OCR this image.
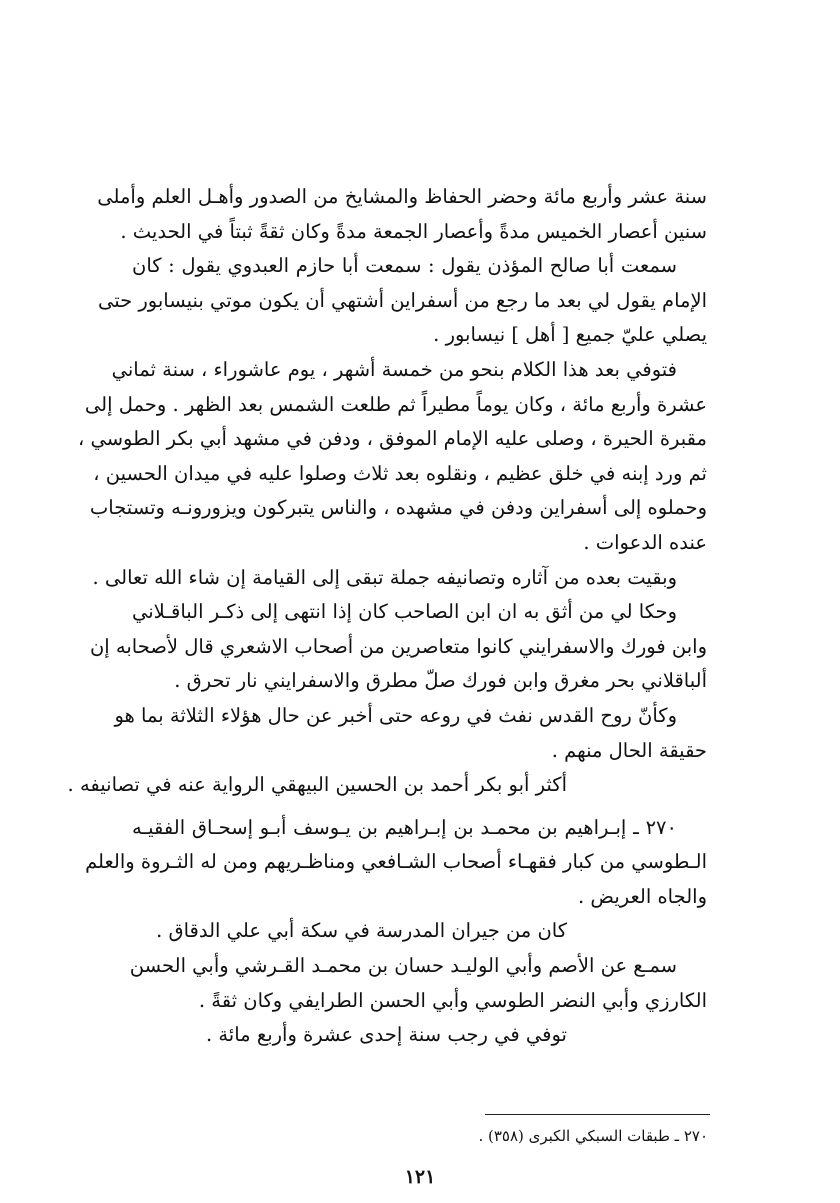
سنة عشر وأربع مائة وحضر الحفاظ والمشايخ من الصدور وأهـل العلم وأملى
سنين أعصار الخميس مدةً وأعصار الجمعة مدةً وكان ثقةً ثبتاً في الحديث .
سمعت أبا صالح المؤذن يقول : سمعت أبا حازم العبدوي يقول : كان
الإمام يقول لي بعد ما رجع من أسفراين أشتهي أن يكون موتي بنيسابور حتى
يصلي عليّ جميع [ أهل ] نيسابور .
فتوفي بعد هذا الكلام بنحو من خمسة أشهر ، يوم عاشوراء ، سنة ثماني
عشرة وأربع مائة ، وكان يوماً مطيراً ثم طلعت الشمس بعد الظهر . وحمل إلى
مقبرة الحيرة ، وصلى عليه الإمام الموفق ، ودفن في مشهد أبي بكر الطوسي ،
ثم ورد إبنه في خلق عظيم ، ونقلوه بعد ثلاث وصلوا عليه في ميدان الحسين ،
وحملوه إلى أسفراين ودفن في مشهده ، والناس يتبركون ويزورونـه وتستجاب
عنده الدعوات .
وبقيت بعده من آثاره وتصانيفه جملة تبقى إلى القيامة إن شاء الله تعالى .
وحكا لي من أثق به ان ابن الصاحب كان إذا انتهى إلى ذكـر الباقـلاني
وابن فورك والاسفرايني كانوا متعاصرين من أصحاب الاشعري قال لأصحابه إن
ألباقلاني بحر مغرق وابن فورك صلّ مطرق والاسفرايني نار تحرق .
وكأنّ روح القدس نفث في روعه حتى أخبر عن حال هؤلاء الثلاثة بما هو
حقيقة الحال منهم .
أكثر أبو بكر أحمد بن الحسين البيهقي الرواية عنه في تصانيفه .
٢٧٠ ـ إبـراهيم بن محمـد بن إبـراهيم بن يـوسف أبـو إسحـاق الفقيـه
الـطوسي من كبار فقهـاء أصحاب الشـافعي ومناظـريهم ومن له الثـروة والعلم
والجاه العريض .
كان من جيران المدرسة في سكة أبي علي الدقاق .
سمـع عن الأصم وأبي الوليـد حسان بن محمـد القـرشي وأبي الحسن
الكارزي وأبي النضر الطوسي وأبي الحسن الطرايفي وكان ثقةً .
توفي في رجب سنة إحدى عشرة وأربع مائة .
٢٧٠ ـ طبقات السبكي الكبرى (٣٥٨) .
١٢١
